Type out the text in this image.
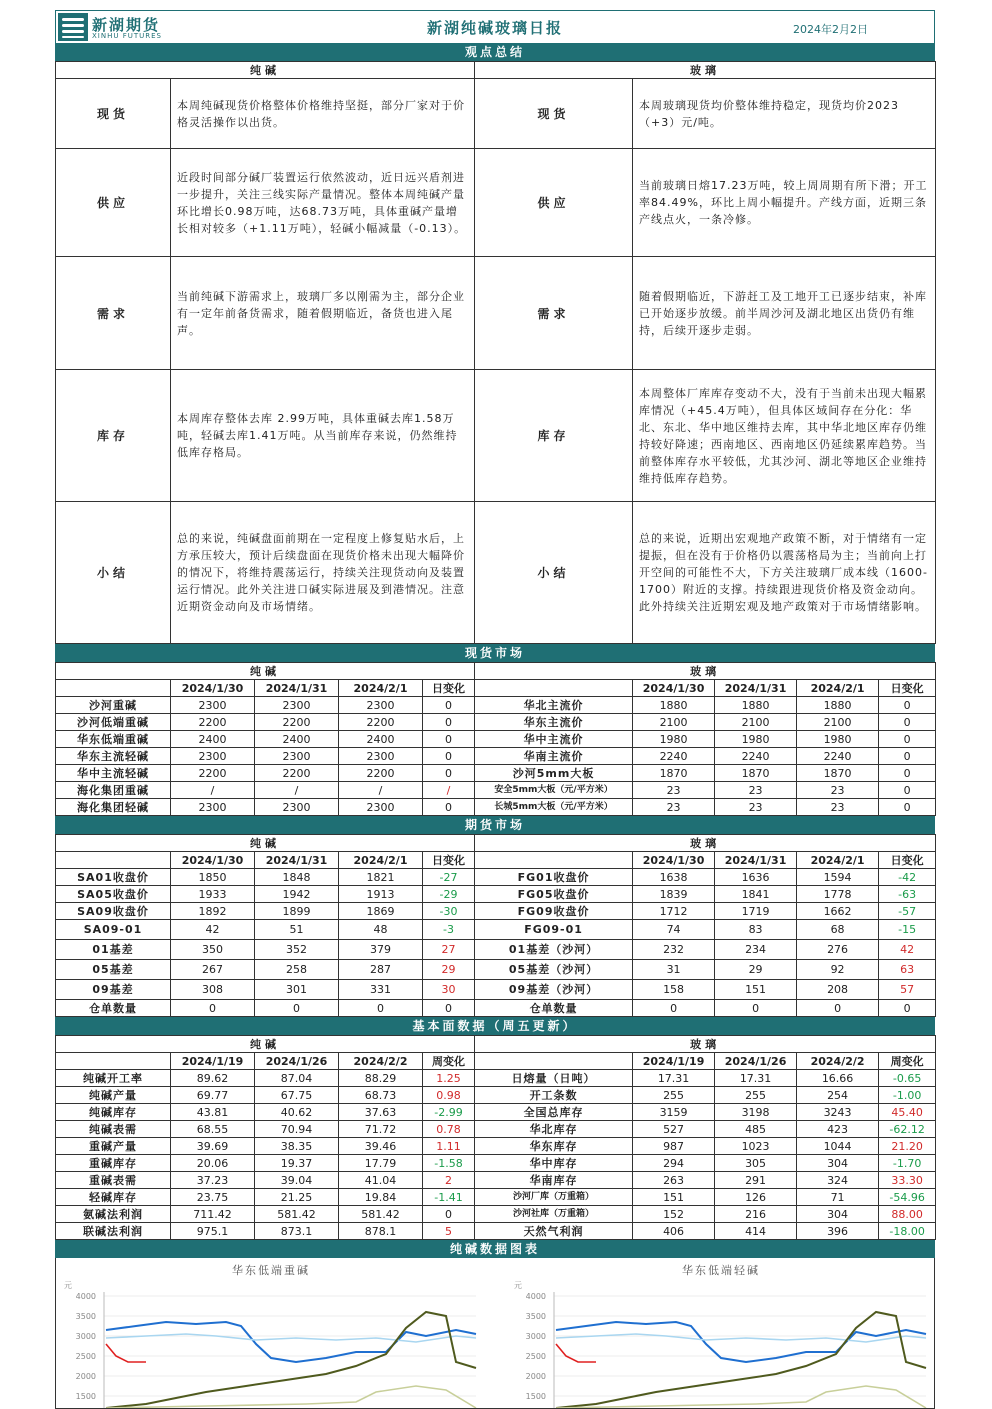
新湖期货
XINHU FUTURES	新湖纯碱玻璃日报	2024年2月2日
观点总结
纯碱		玻璃	
现货	本周纯碱现货价格整体价格维持坚挺，部分厂家对于价格灵活操作以出货。	现货	本周玻璃现货均价整体维持稳定，现货均价2023（+3）元/吨。
供应	近段时间部分碱厂装置运行依然波动，近日远兴盾剂进一步提升，关注三线实际产量情况。整体本周纯碱产量环比增长0.98万吨，达68.73万吨，具体重碱产量增长相对较多（+1.11万吨），轻碱小幅减量（-0.13）。	供应	当前玻璃日熔17.23万吨，较上周周期有所下滑；开工率84.49%，环比上周小幅提升。产线方面，近期三条产线点火，一条冷修。
需求	当前纯碱下游需求上，玻璃厂多以刚需为主，部分企业有一定年前备货需求，随着假期临近，备货也进入尾声。	需求	随着假期临近，下游赶工及工地开工已逐步结束，补库已开始逐步放缓。前半周沙河及湖北地区出货仍有维持，后续开逐步走弱。
库存	本周库存整体去库 2.99万吨，具体重碱去库1.58万吨，轻碱去库1.41万吨。从当前库存来说，仍然维持低库存格局。	库存	本周整体厂库库存变动不大，没有于当前未出现大幅累库情况（+45.4万吨），但具体区域间存在分化：华北、东北、华中地区维持去库，其中华北地区库存仍维持较好降速；西南地区、西南地区仍延续累库趋势。当前整体库存水平较低，尤其沙河、湖北等地区企业维持维持低库存趋势。
小结	总的来说，纯碱盘面前期在一定程度上修复贴水后，上方承压较大，预计后续盘面在现货价格未出现大幅降价的情况下，将维持震荡运行，持续关注现货动向及装置运行情况。此外关注进口碱实际进展及到港情况。注意近期资金动向及市场情绪。	小结	总的来说，近期出宏观地产政策不断，对于情绪有一定提振，但在没有于价格仍以震荡格局为主；当前向上打开空间的可能性不大，下方关注玻璃厂成本线（1600-1700）附近的支撑。持续跟进现货价格及资金动向。此外持续关注近期宏观及地产政策对于市场情绪影响。
现货市场
纯碱					玻璃				
	2024/1/30	2024/1/31	2024/2/1	日变化		2024/1/30	2024/1/31	2024/2/1	日变化
沙河重碱	2300	2300	2300	0	华北主流价	1880	1880	1880	0
沙河低端重碱	2200	2200	2200	0	华东主流价	2100	2100	2100	0
华东低端重碱	2400	2400	2400	0	华中主流价	1980	1980	1980	0
华东主流轻碱	2300	2300	2300	0	华南主流价	2240	2240	2240	0
华中主流轻碱	2200	2200	2200	0	沙河5mm大板	1870	1870	1870	0
海化集团重碱	/	/	/	/	安全5mm大板（元/平方米）	23	23	23	0
海化集团轻碱	2300	2300	2300	0	长城5mm大板（元/平方米）	23	23	23	0
期货市场
纯碱					玻璃				
	2024/1/30	2024/1/31	2024/2/1	日变化		2024/1/30	2024/1/31	2024/2/1	日变化
SA01收盘价	1850	1848	1821	-27	FG01收盘价	1638	1636	1594	-42
SA05收盘价	1933	1942	1913	-29	FG05收盘价	1839	1841	1778	-63
SA09收盘价	1892	1899	1869	-30	FG09收盘价	1712	1719	1662	-57
SA09-01	42	51	48	-3	FG09-01	74	83	68	-15
01基差	350	352	379	27	01基差（沙河）	232	234	276	42
05基差	267	258	287	29	05基差（沙河）	31	29	92	63
09基差	308	301	331	30	09基差（沙河）	158	151	208	57
仓单数量	0	0	0	0	仓单数量	0	0	0	0
基本面数据（周五更新）
纯碱					玻璃				
	2024/1/19	2024/1/26	2024/2/2	周变化		2024/1/19	2024/1/26	2024/2/2	周变化
纯碱开工率	89.62	87.04	88.29	1.25	日熔量（日吨）	17.31	17.31	16.66	-0.65
纯碱产量	69.77	67.75	68.73	0.98	开工条数	255	255	254	-1.00
纯碱库存	43.81	40.62	37.63	-2.99	全国总库存	3159	3198	3243	45.40
纯碱表需	68.55	70.94	71.72	0.78	华北库存	527	485	423	-62.12
重碱产量	39.69	38.35	39.46	1.11	华东库存	987	1023	1044	21.20
重碱库存	20.06	19.37	17.79	-1.58	华中库存	294	305	304	-1.70
重碱表需	37.23	39.04	41.04	2	华南库存	263	291	324	33.30
轻碱库存	23.75	21.25	19.84	-1.41	沙河厂库（万重箱）	151	126	71	-54.96
氨碱法利润	711.42	581.42	581.42	0	沙河社库（万重箱）	152	216	304	88.00
联碱法利润	975.1	873.1	878.1	5	天然气利润	406	414	396	-18.00
纯碱数据图表
华东低端重碱
元
4000
3500
3000
2500
2000
1500
华东低端轻碱
元
4000
3500
3000
2500
2000
1500
